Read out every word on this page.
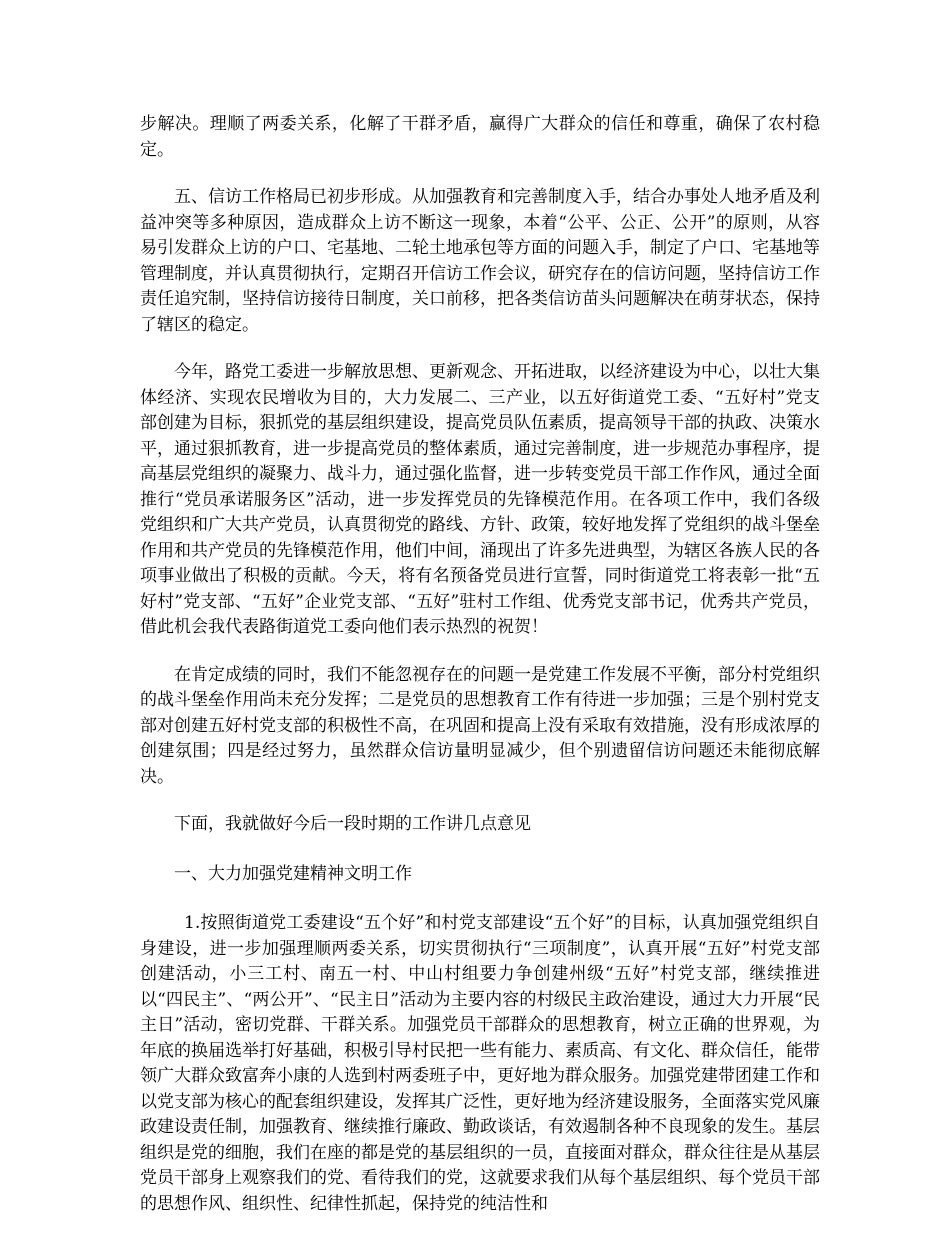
步解决。理顺了两委关系，化解了干群矛盾，赢得广大群众的信任和尊重，确保了农村稳定。

五、信访工作格局已初步形成。从加强教育和完善制度入手，结合办事处人地矛盾及利益冲突等多种原因，造成群众上访不断这一现象，本着“公平、公正、公开”的原则，从容易引发群众上访的户口、宅基地、二轮土地承包等方面的问题入手，制定了户口、宅基地等管理制度，并认真贯彻执行，定期召开信访工作会议，研究存在的信访问题，坚持信访工作责任追究制，坚持信访接待日制度，关口前移，把各类信访苗头问题解决在萌芽状态，保持了辖区的稳定。

今年，路党工委进一步解放思想、更新观念、开拓进取，以经济建设为中心，以壮大集体经济、实现农民增收为目的，大力发展二、三产业，以五好街道党工委、“五好村”党支部创建为目标，狠抓党的基层组织建设，提高党员队伍素质，提高领导干部的执政、决策水平，通过狠抓教育，进一步提高党员的整体素质，通过完善制度，进一步规范办事程序，提高基层党组织的凝聚力、战斗力，通过强化监督，进一步转变党员干部工作作风，通过全面推行“党员承诺服务区”活动，进一步发挥党员的先锋模范作用。在各项工作中，我们各级党组织和广大共产党员，认真贯彻党的路线、方针、政策，较好地发挥了党组织的战斗堡垒作用和共产党员的先锋模范作用，他们中间，涌现出了许多先进典型，为辖区各族人民的各项事业做出了积极的贡献。今天，将有名预备党员进行宣誓，同时街道党工将表彰一批“五好村”党支部、“五好”企业党支部、“五好”驻村工作组、优秀党支部书记，优秀共产党员，借此机会我代表路街道党工委向他们表示热烈的祝贺！

在肯定成绩的同时，我们不能忽视存在的问题一是党建工作发展不平衡，部分村党组织的战斗堡垒作用尚未充分发挥；二是党员的思想教育工作有待进一步加强；三是个别村党支部对创建五好村党支部的积极性不高，在巩固和提高上没有采取有效措施，没有形成浓厚的创建氛围；四是经过努力，虽然群众信访量明显减少，但个别遗留信访问题还未能彻底解决。

下面，我就做好今后一段时期的工作讲几点意见

一、大力加强党建精神文明工作

1.按照街道党工委建设“五个好”和村党支部建设“五个好”的目标，认真加强党组织自身建设，进一步加强理顺两委关系，切实贯彻执行“三项制度”，认真开展“五好”村党支部创建活动，小三工村、南五一村、中山村组要力争创建州级“五好”村党支部，继续推进以“四民主”、“两公开”、“民主日”活动为主要内容的村级民主政治建设，通过大力开展“民主日”活动，密切党群、干群关系。加强党员干部群众的思想教育，树立正确的世界观，为年底的换届选举打好基础，积极引导村民把一些有能力、素质高、有文化、群众信任，能带领广大群众致富奔小康的人选到村两委班子中，更好地为群众服务。加强党建带团建工作和以党支部为核心的配套组织建设，发挥其广泛性，更好地为经济建设服务，全面落实党风廉政建设责任制，加强教育、继续推行廉政、勤政谈话，有效遏制各种不良现象的发生。基层组织是党的细胞，我们在座的都是党的基层组织的一员，直接面对群众，群众往往是从基层党员干部身上观察我们的党、看待我们的党，这就要求我们从每个基层组织、每个党员干部的思想作风、组织性、纪律性抓起，保持党的纯洁性和
